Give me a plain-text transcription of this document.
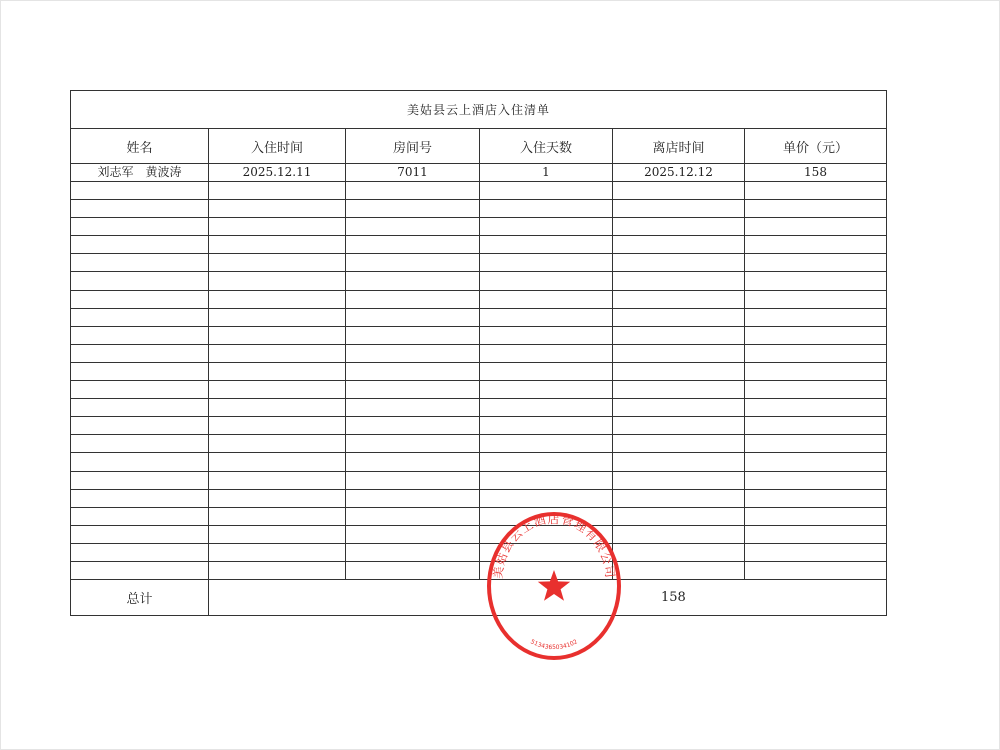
美姑县云上酒店入住清单					
姓名	入住时间	房间号	入住天数	离店时间	单价（元）
刘志军　黄波涛	2025.12.11	7011	1	2025.12.12	158

总计	158				
美姑县云上酒店管理有限公司
5134365034102
